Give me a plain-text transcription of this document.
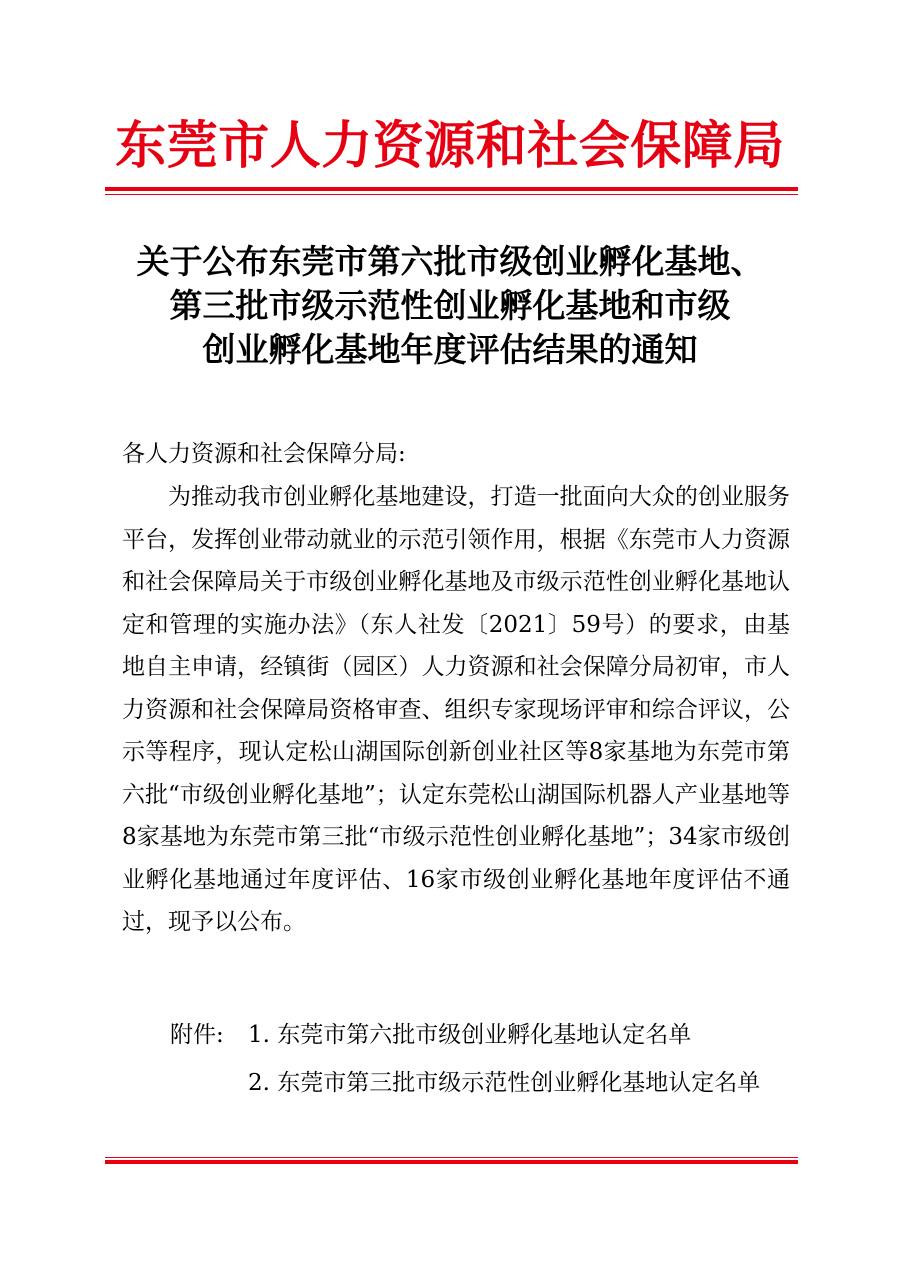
东莞市人力资源和社会保障局
关于公布东莞市第六批市级创业孵化基地、
第三批市级示范性创业孵化基地和市级
创业孵化基地年度评估结果的通知
各人力资源和社会保障分局:
为推动我市创业孵化基地建设，打造一批面向大众的创业服务平台，发挥创业带动就业的示范引领作用，根据《东莞市人力资源和社会保障局关于市级创业孵化基地及市级示范性创业孵化基地认定和管理的实施办法》（东人社发〔2021〕59号）的要求，由基地自主申请，经镇街（园区）人力资源和社会保障分局初审，市人力资源和社会保障局资格审查、组织专家现场评审和综合评议，公示等程序，现认定松山湖国际创新创业社区等8家基地为东莞市第六批“市级创业孵化基地”；认定东莞松山湖国际机器人产业基地等8家基地为东莞市第三批“市级示范性创业孵化基地”；34家市级创业孵化基地通过年度评估、16家市级创业孵化基地年度评估不通过，现予以公布。
附件: 1. 东莞市第六批市级创业孵化基地认定名单
2. 东莞市第三批市级示范性创业孵化基地认定名单
